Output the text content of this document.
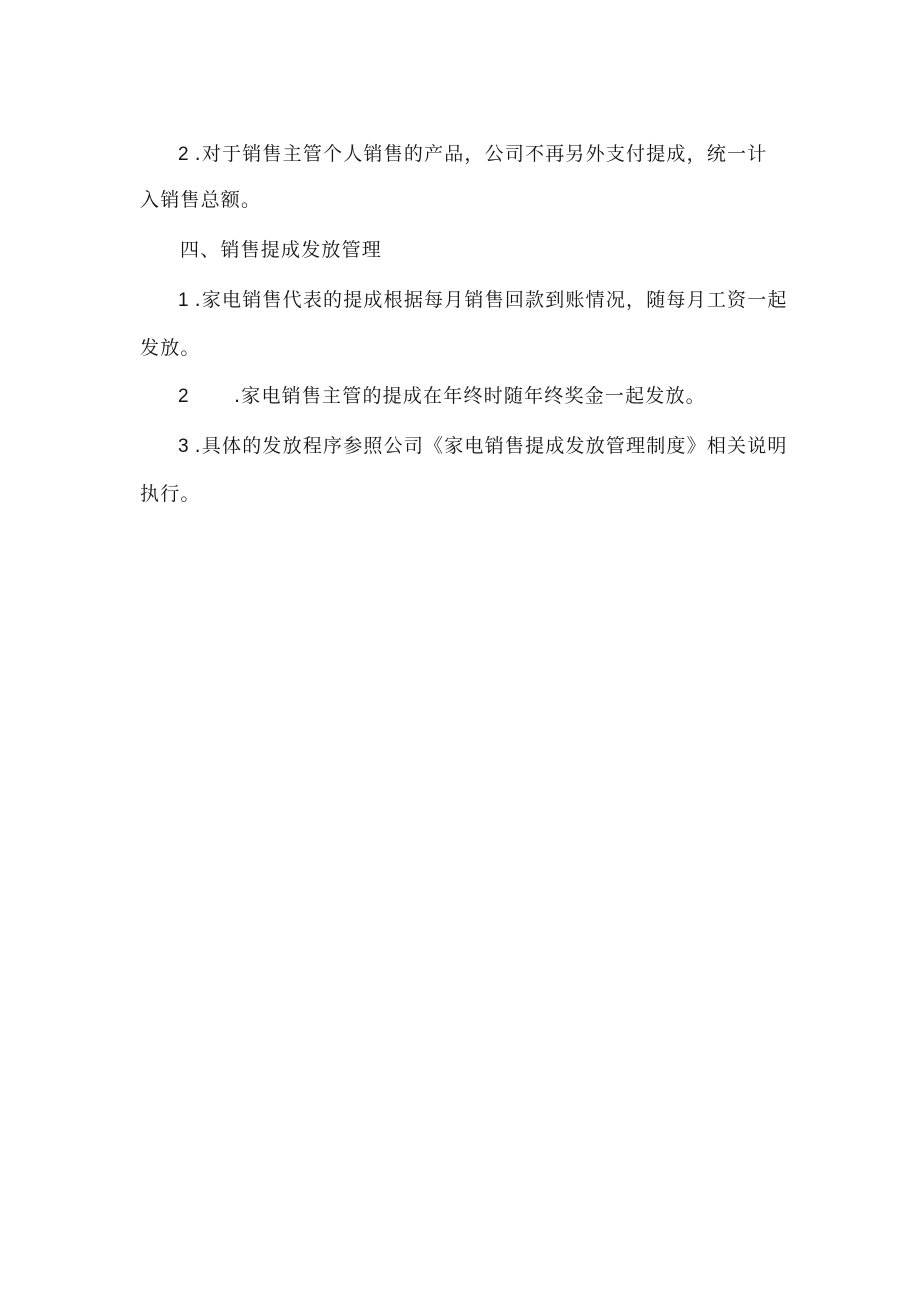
2 .对于销售主管个人销售的产品，公司不再另外支付提成，统一计
入销售总额。
四、销售提成发放管理
1 .家电销售代表的提成根据每月销售回款到账情况，随每月工资一起
发放。
2 .家电销售主管的提成在年终时随年终奖金一起发放。
3 .具体的发放程序参照公司《家电销售提成发放管理制度》相关说明
执行。
